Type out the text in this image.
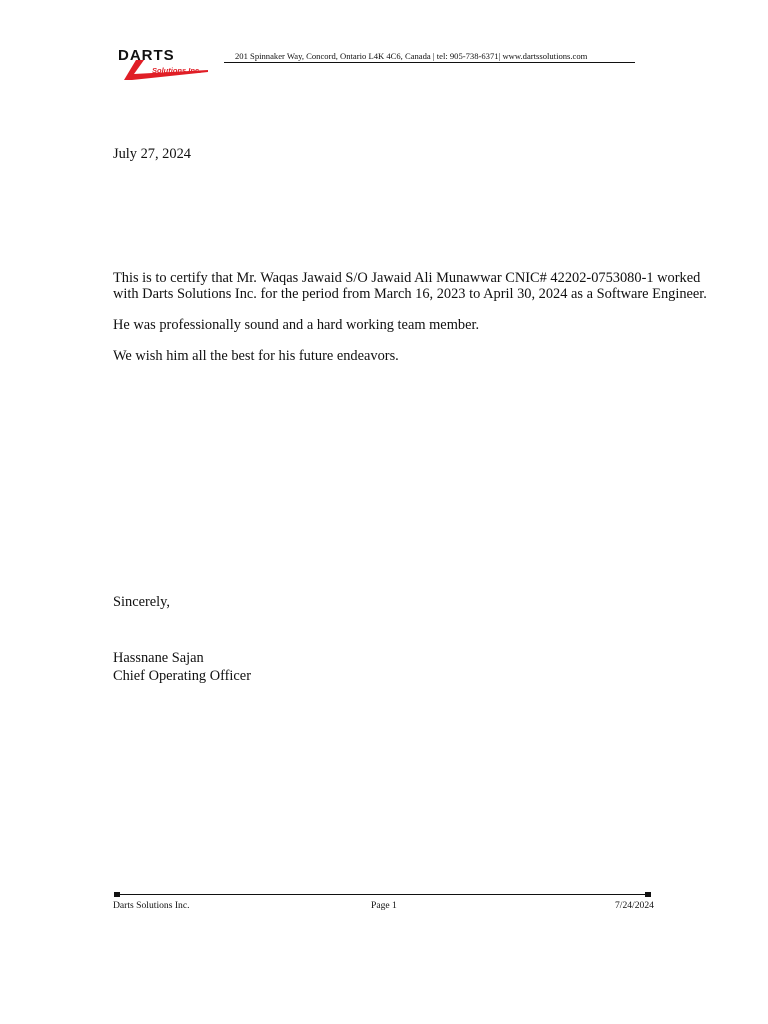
DARTS
Solutions Inc.
201 Spinnaker Way, Concord, Ontario L4K 4C6, Canada | tel: 905-738-6371| www.dartssolutions.com
July 27, 2024
This is to certify that Mr. Waqas Jawaid S/O Jawaid Ali Munawwar CNIC# 42202-0753080-1 worked
with Darts Solutions Inc. for the period from March 16, 2023 to April 30, 2024 as a Software Engineer.
He was professionally sound and a hard working team member.
We wish him all the best for his future endeavors.
Sincerely,
Hassnane Sajan
Chief Operating Officer
Darts Solutions Inc.	Page 1	7/24/2024
